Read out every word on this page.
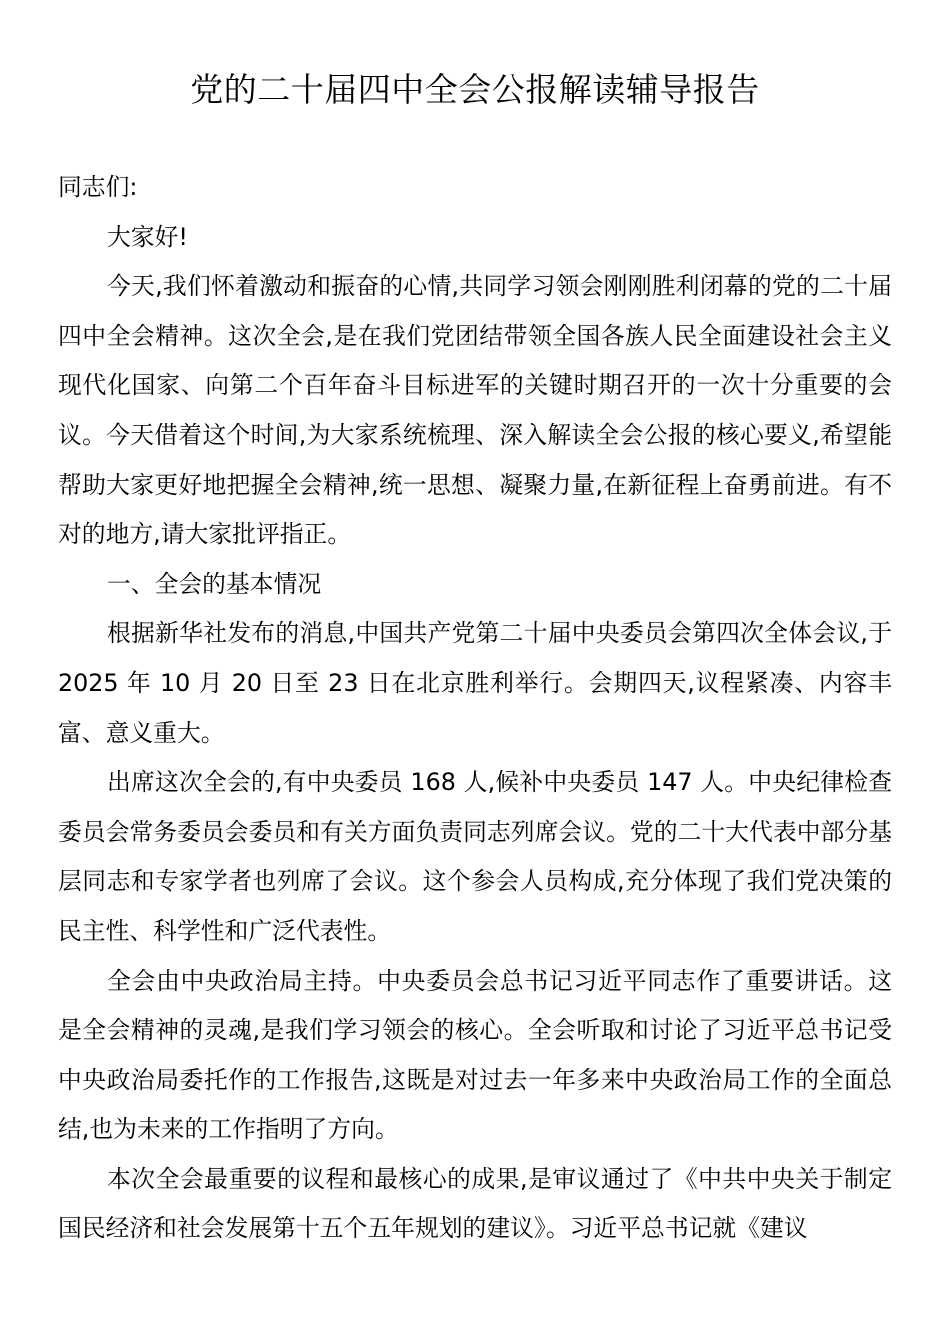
党的二十届四中全会公报解读辅导报告

同志们:

大家好!

今天,我们怀着激动和振奋的心情,共同学习领会刚刚胜利闭幕的党的二十届四中全会精神。这次全会,是在我们党团结带领全国各族人民全面建设社会主义现代化国家、向第二个百年奋斗目标进军的关键时期召开的一次十分重要的会议。今天借着这个时间,为大家系统梳理、深入解读全会公报的核心要义,希望能帮助大家更好地把握全会精神,统一思想、凝聚力量,在新征程上奋勇前进。有不对的地方,请大家批评指正。

一、全会的基本情况

根据新华社发布的消息,中国共产党第二十届中央委员会第四次全体会议,于 2025 年 10 月 20 日至 23 日在北京胜利举行。会期四天,议程紧凑、内容丰富、意义重大。

出席这次全会的,有中央委员 168 人,候补中央委员 147 人。中央纪律检查委员会常务委员会委员和有关方面负责同志列席会议。党的二十大代表中部分基层同志和专家学者也列席了会议。这个参会人员构成,充分体现了我们党决策的民主性、科学性和广泛代表性。

全会由中央政治局主持。中央委员会总书记习近平同志作了重要讲话。这是全会精神的灵魂,是我们学习领会的核心。全会听取和讨论了习近平总书记受中央政治局委托作的工作报告,这既是对过去一年多来中央政治局工作的全面总结,也为未来的工作指明了方向。

本次全会最重要的议程和最核心的成果,是审议通过了《中共中央关于制定国民经济和社会发展第十五个五年规划的建议》。习近平总书记就《建议
